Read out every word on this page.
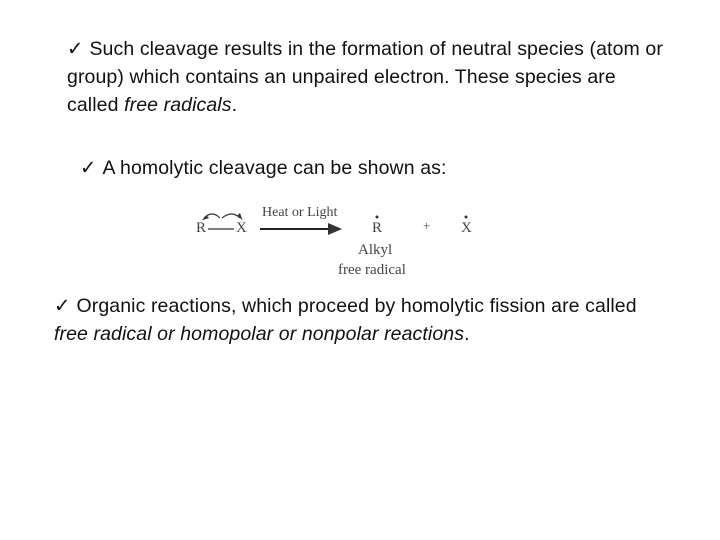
✓ Such cleavage results in the formation of neutral species (atom or group) which contains an unpaired electron. These species are called free radicals.
✓ A homolytic cleavage can be shown as:
Heat or Light
R X	R	+ X
Alkyl
free radical
✓ Organic reactions, which proceed by homolytic fission are called free radical or homopolar or nonpolar reactions.
